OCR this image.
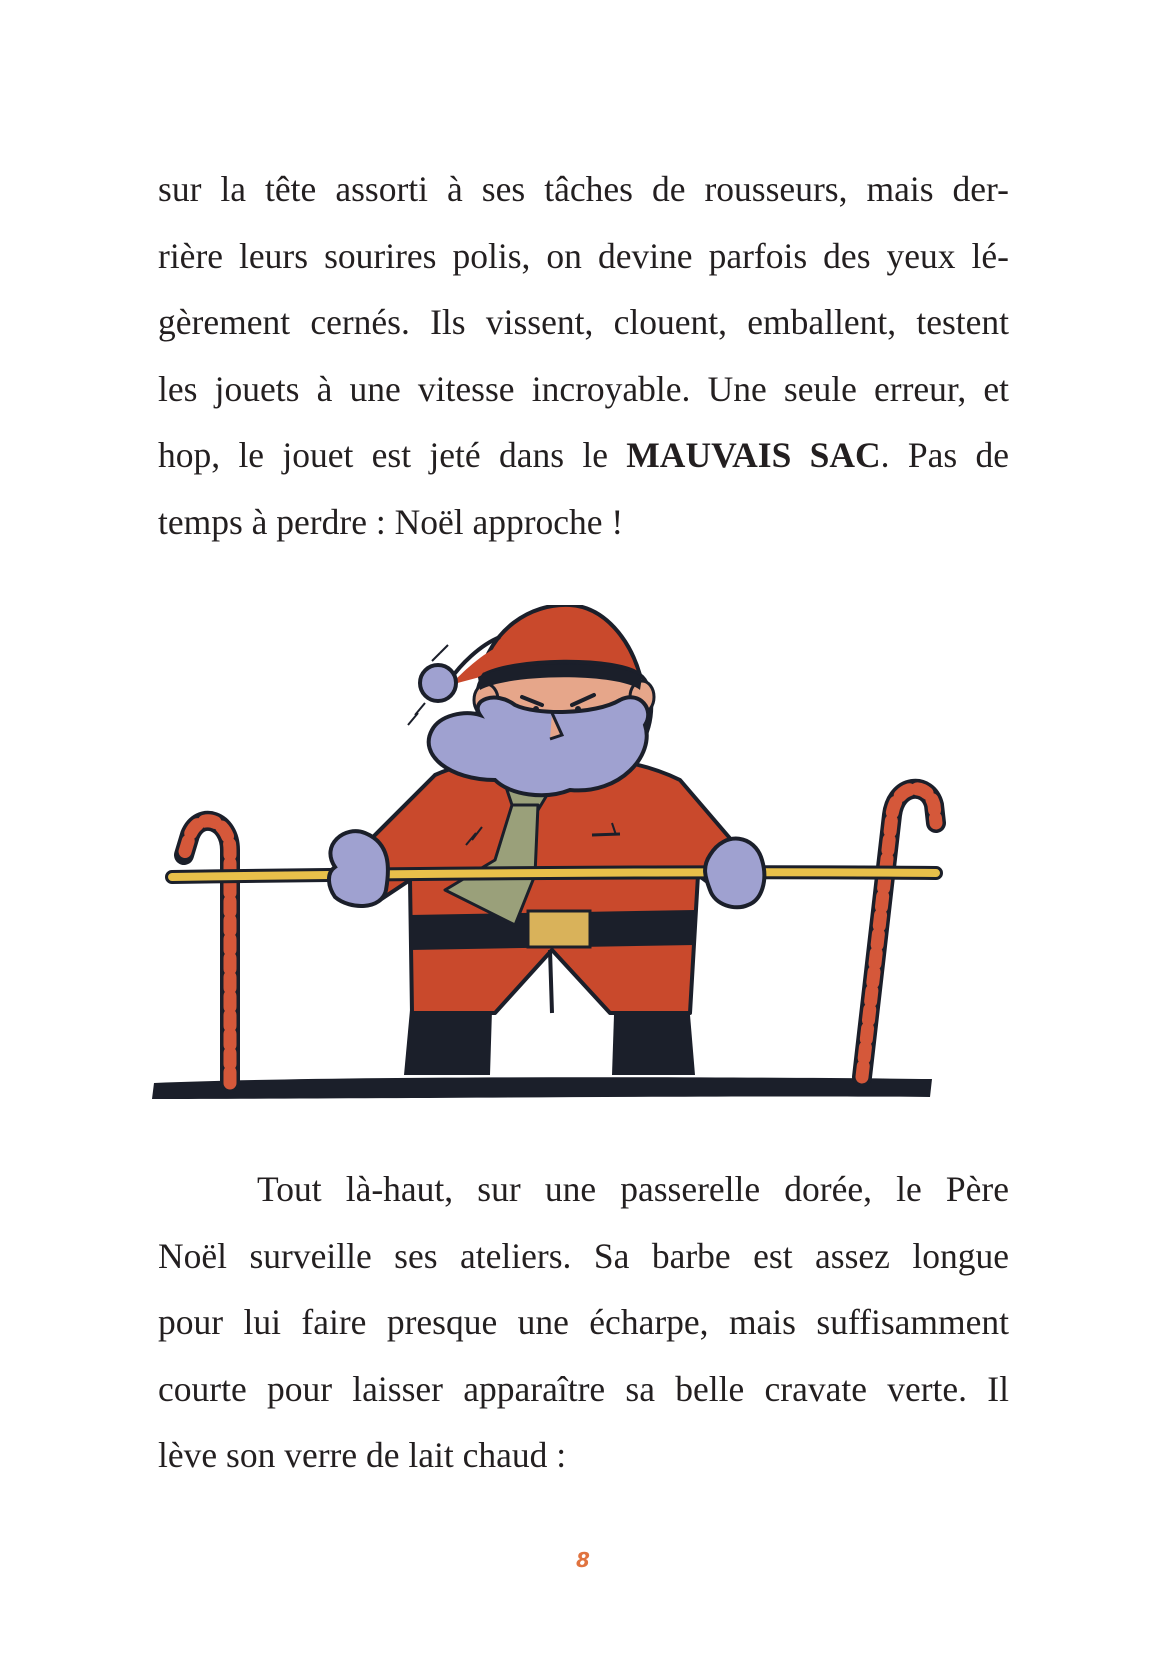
sur la tête assorti à ses tâches de rousseurs, mais der-
rière leurs sourires polis, on devine parfois des yeux lé-
gèrement cernés. Ils vissent, clouent, emballent, testent
les jouets à une vitesse incroyable. Une seule erreur, et
hop, le jouet est jeté dans le MAUVAIS SAC. Pas de
temps à perdre : Noël approche !
Tout là-haut, sur une passerelle dorée, le Père
Noël surveille ses ateliers. Sa barbe est assez longue
pour lui faire presque une écharpe, mais suffisamment
courte pour laisser apparaître sa belle cravate verte. Il
lève son verre de lait chaud :
8
